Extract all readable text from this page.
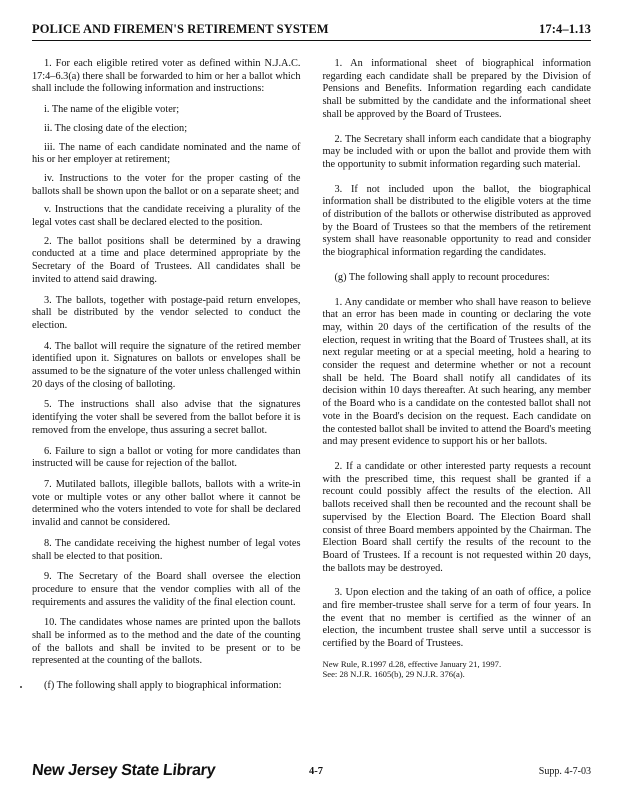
POLICE AND FIREMEN'S RETIREMENT SYSTEM	17:4–1.13

1. For each eligible retired voter as defined within N.J.A.C. 17:4–6.3(a) there shall be forwarded to him or her a ballot which shall include the following information and instructions:

i. The name of the eligible voter;

ii. The closing date of the election;

iii. The name of each candidate nominated and the name of his or her employer at retirement;

iv. Instructions to the voter for the proper casting of the ballots shall be shown upon the ballot or on a separate sheet; and

v. Instructions that the candidate receiving a plurality of the legal votes cast shall be declared elected to the position.

2. The ballot positions shall be determined by a drawing conducted at a time and place determined appropriate by the Secretary of the Board of Trustees. All candidates shall be invited to attend said drawing.

3. The ballots, together with postage-paid return envelopes, shall be distributed by the vendor selected to conduct the election.

4. The ballot will require the signature of the retired member identified upon it. Signatures on ballots or envelopes shall be assumed to be the signature of the voter unless challenged within 20 days of the closing of balloting.

5. The instructions shall also advise that the signatures identifying the voter shall be severed from the ballot before it is removed from the envelope, thus assuring a secret ballot.

6. Failure to sign a ballot or voting for more candidates than instructed will be cause for rejection of the ballot.

7. Mutilated ballots, illegible ballots, ballots with a write-in vote or multiple votes or any other ballot where it cannot be determined who the voters intended to vote for shall be declared invalid and cannot be considered.

8. The candidate receiving the highest number of legal votes shall be elected to that position.

9. The Secretary of the Board shall oversee the election procedure to ensure that the vendor complies with all of the requirements and assures the validity of the final election count.

10. The candidates whose names are printed upon the ballots shall be informed as to the method and the date of the counting of the ballots and shall be invited to be present or to be represented at the counting of the ballots.

(f) The following shall apply to biographical information:

1. An informational sheet of biographical information regarding each candidate shall be prepared by the Division of Pensions and Benefits. Information regarding each candidate shall be submitted by the candidate and the informational sheet shall be approved by the Board of Trustees.

2. The Secretary shall inform each candidate that a biography may be included with or upon the ballot and provide them with the opportunity to submit information regarding such material.

3. If not included upon the ballot, the biographical information shall be distributed to the eligible voters at the time of distribution of the ballots or otherwise distributed as approved by the Board of Trustees so that the members of the retirement system shall have reasonable opportunity to read and consider the biographical information regarding the candidates.

(g) The following shall apply to recount procedures:

1. Any candidate or member who shall have reason to believe that an error has been made in counting or declaring the vote may, within 20 days of the certification of the results of the election, request in writing that the Board of Trustees shall, at its next regular meeting or at a special meeting, hold a hearing to consider the request and determine whether or not a recount shall be held. The Board shall notify all candidates of its decision within 10 days thereafter. At such hearing, any member of the Board who is a candidate on the contested ballot shall not vote in the Board's decision on the request. Each candidate on the contested ballot shall be invited to attend the Board's meeting and may present evidence to support his or her ballots.

2. If a candidate or other interested party requests a recount with the prescribed time, this request shall be granted if a recount could possibly affect the results of the election. All ballots received shall then be recounted and the recount shall be supervised by the Election Board. The Election Board shall consist of three Board members appointed by the Chairman. The Election Board shall certify the results of the recount to the Board of Trustees. If a recount is not requested within 20 days, the ballots may be destroyed.

3. Upon election and the taking of an oath of office, a police and fire member-trustee shall serve for a term of four years. In the event that no member is certified as the winner of an election, the incumbent trustee shall serve until a successor is certified by the Board of Trustees.

New Rule, R.1997 d.28, effective January 21, 1997.
See: 28 N.J.R. 1605(b), 29 N.J.R. 376(a).
New Jersey State Library	4-7	Supp. 4-7-03
